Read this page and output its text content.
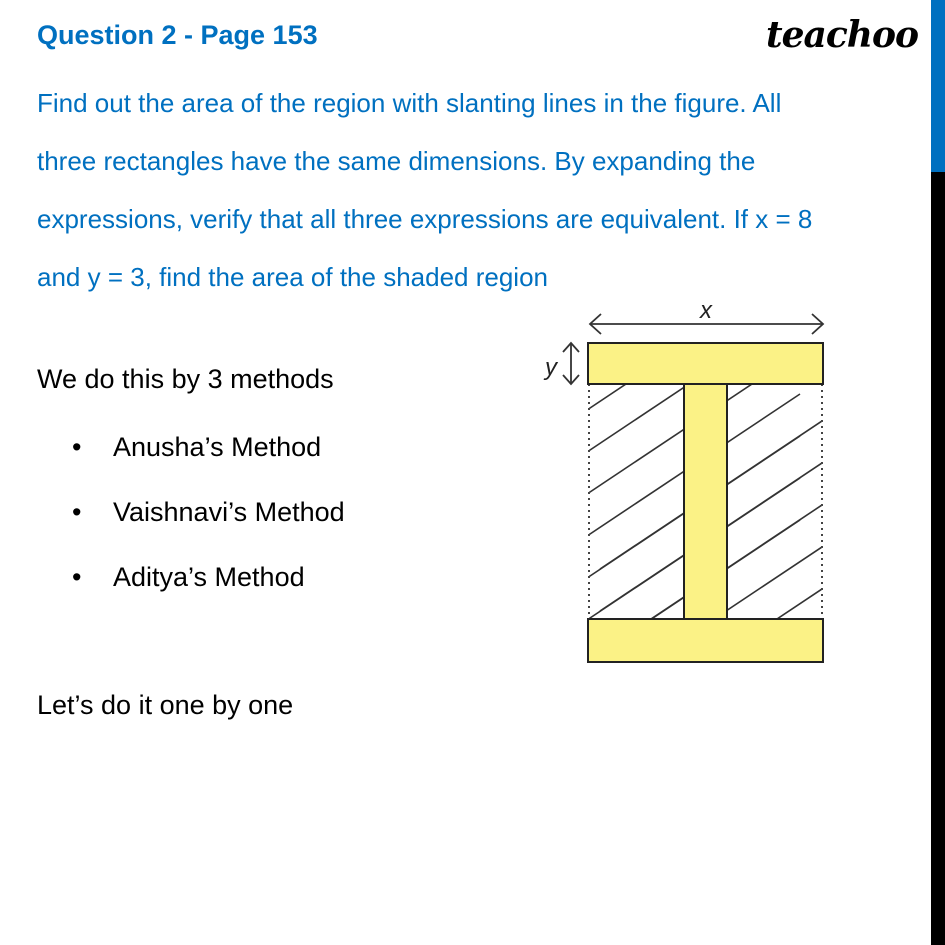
Question 2 - Page 153	teachoo
Find out the area of the region with slanting lines in the figure. All
three rectangles have the same dimensions. By expanding the
expressions, verify that all three expressions are equivalent. If x = 8
and y = 3, find the area of the shaded region
We do this by 3 methods
•	Anusha’s Method
•	Vaishnavi’s Method
•	Aditya’s Method
Let’s do it one by one
x
y
